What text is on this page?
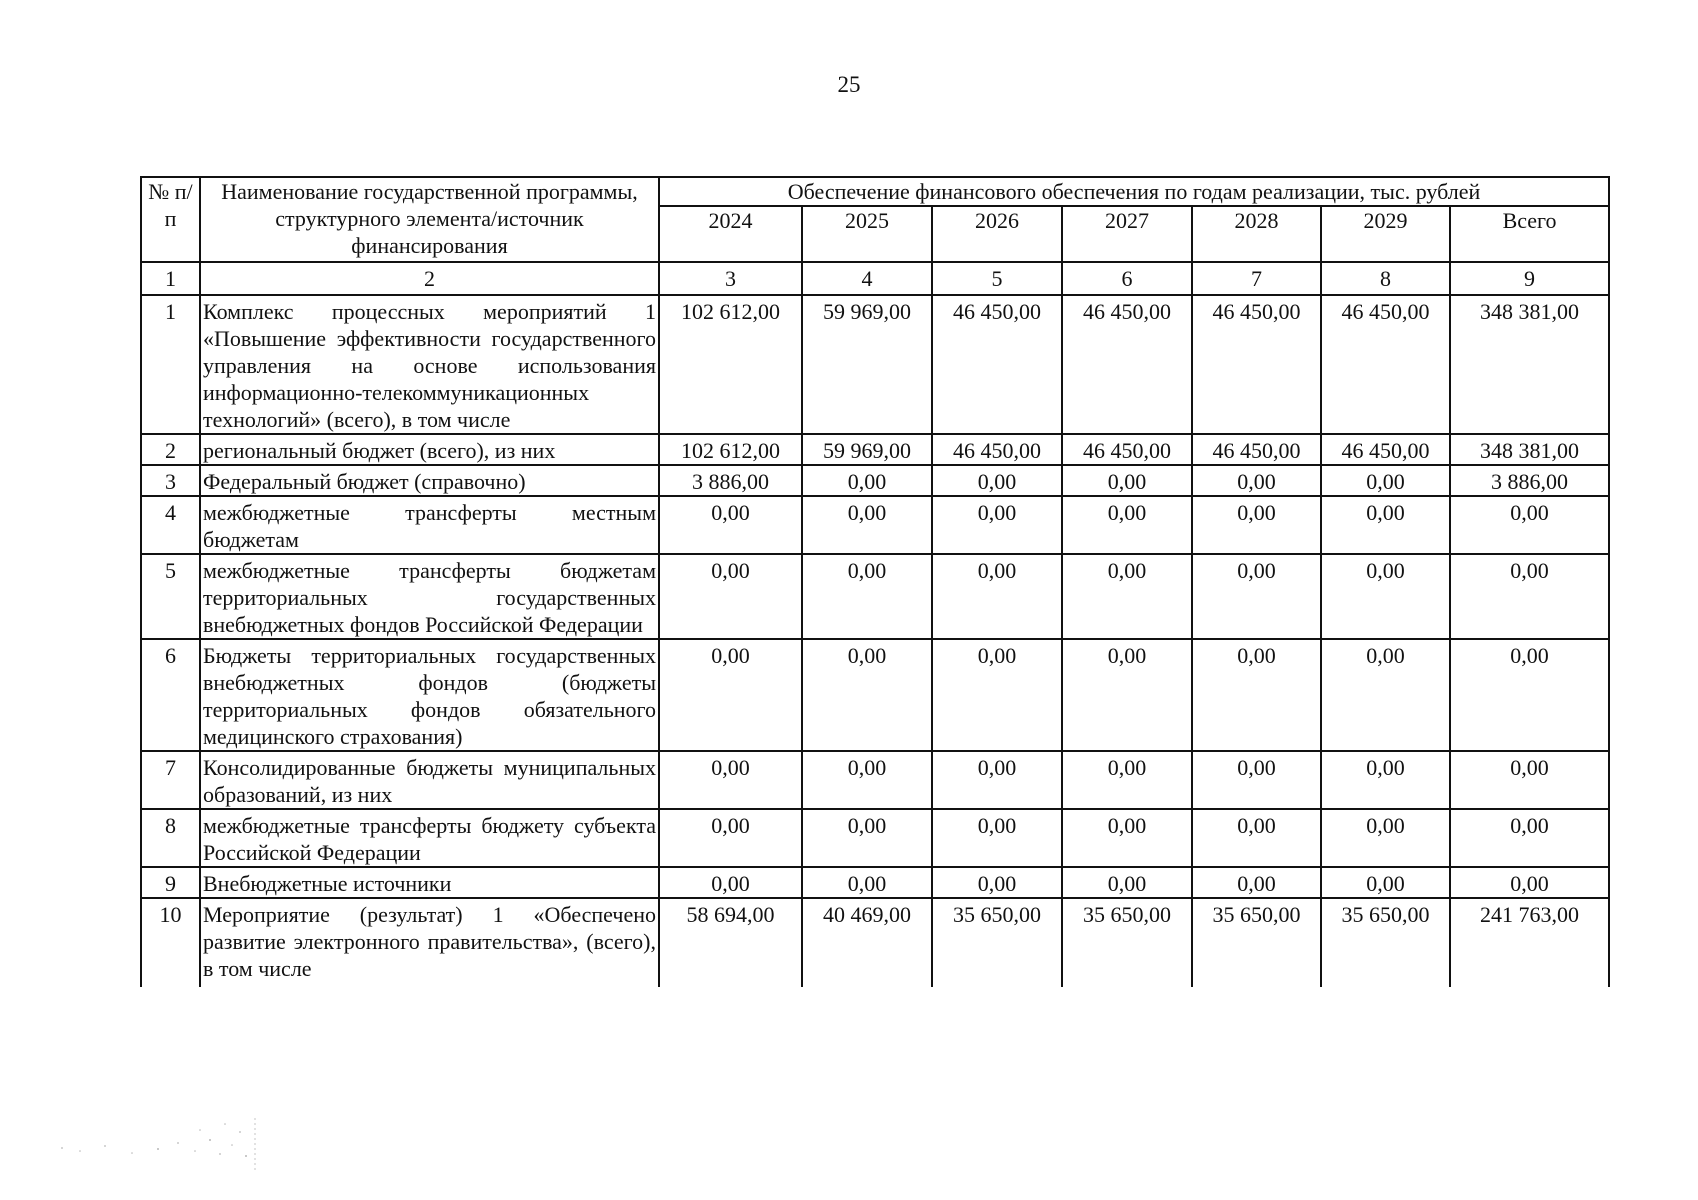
25
№ п/п	Наименование государственной программы, структурного элемента/источник финансирования	Обеспечение финансового обеспечения по годам реализации, тыс. рублей						
		2024	2025	2026	2027	2028	2029	Всего
1	2	3	4	5	6	7	8	9
1	Комплекс процессных мероприятий 1 «Повышение эффективности государственного управления на основе использования информационно-телекоммуникационных технологий» (всего), в том числе	102 612,00	59 969,00	46 450,00	46 450,00	46 450,00	46 450,00	348 381,00
2	региональный бюджет (всего), из них	102 612,00	59 969,00	46 450,00	46 450,00	46 450,00	46 450,00	348 381,00
3	Федеральный бюджет (справочно)	3 886,00	0,00	0,00	0,00	0,00	0,00	3 886,00
4	межбюджетные трансферты местным бюджетам	0,00	0,00	0,00	0,00	0,00	0,00	0,00
5	межбюджетные трансферты бюджетам территориальных государственных внебюджетных фондов Российской Федерации	0,00	0,00	0,00	0,00	0,00	0,00	0,00
6	Бюджеты территориальных государственных внебюджетных фондов (бюджеты территориальных фондов обязательного медицинского страхования)	0,00	0,00	0,00	0,00	0,00	0,00	0,00
7	Консолидированные бюджеты муниципальных образований, из них	0,00	0,00	0,00	0,00	0,00	0,00	0,00
8	межбюджетные трансферты бюджету субъекта Российской Федерации	0,00	0,00	0,00	0,00	0,00	0,00	0,00
9	Внебюджетные источники	0,00	0,00	0,00	0,00	0,00	0,00	0,00
10	Мероприятие (результат) 1 «Обеспечено развитие электронного правительства», (всего), в том числе	58 694,00	40 469,00	35 650,00	35 650,00	35 650,00	35 650,00	241 763,00
